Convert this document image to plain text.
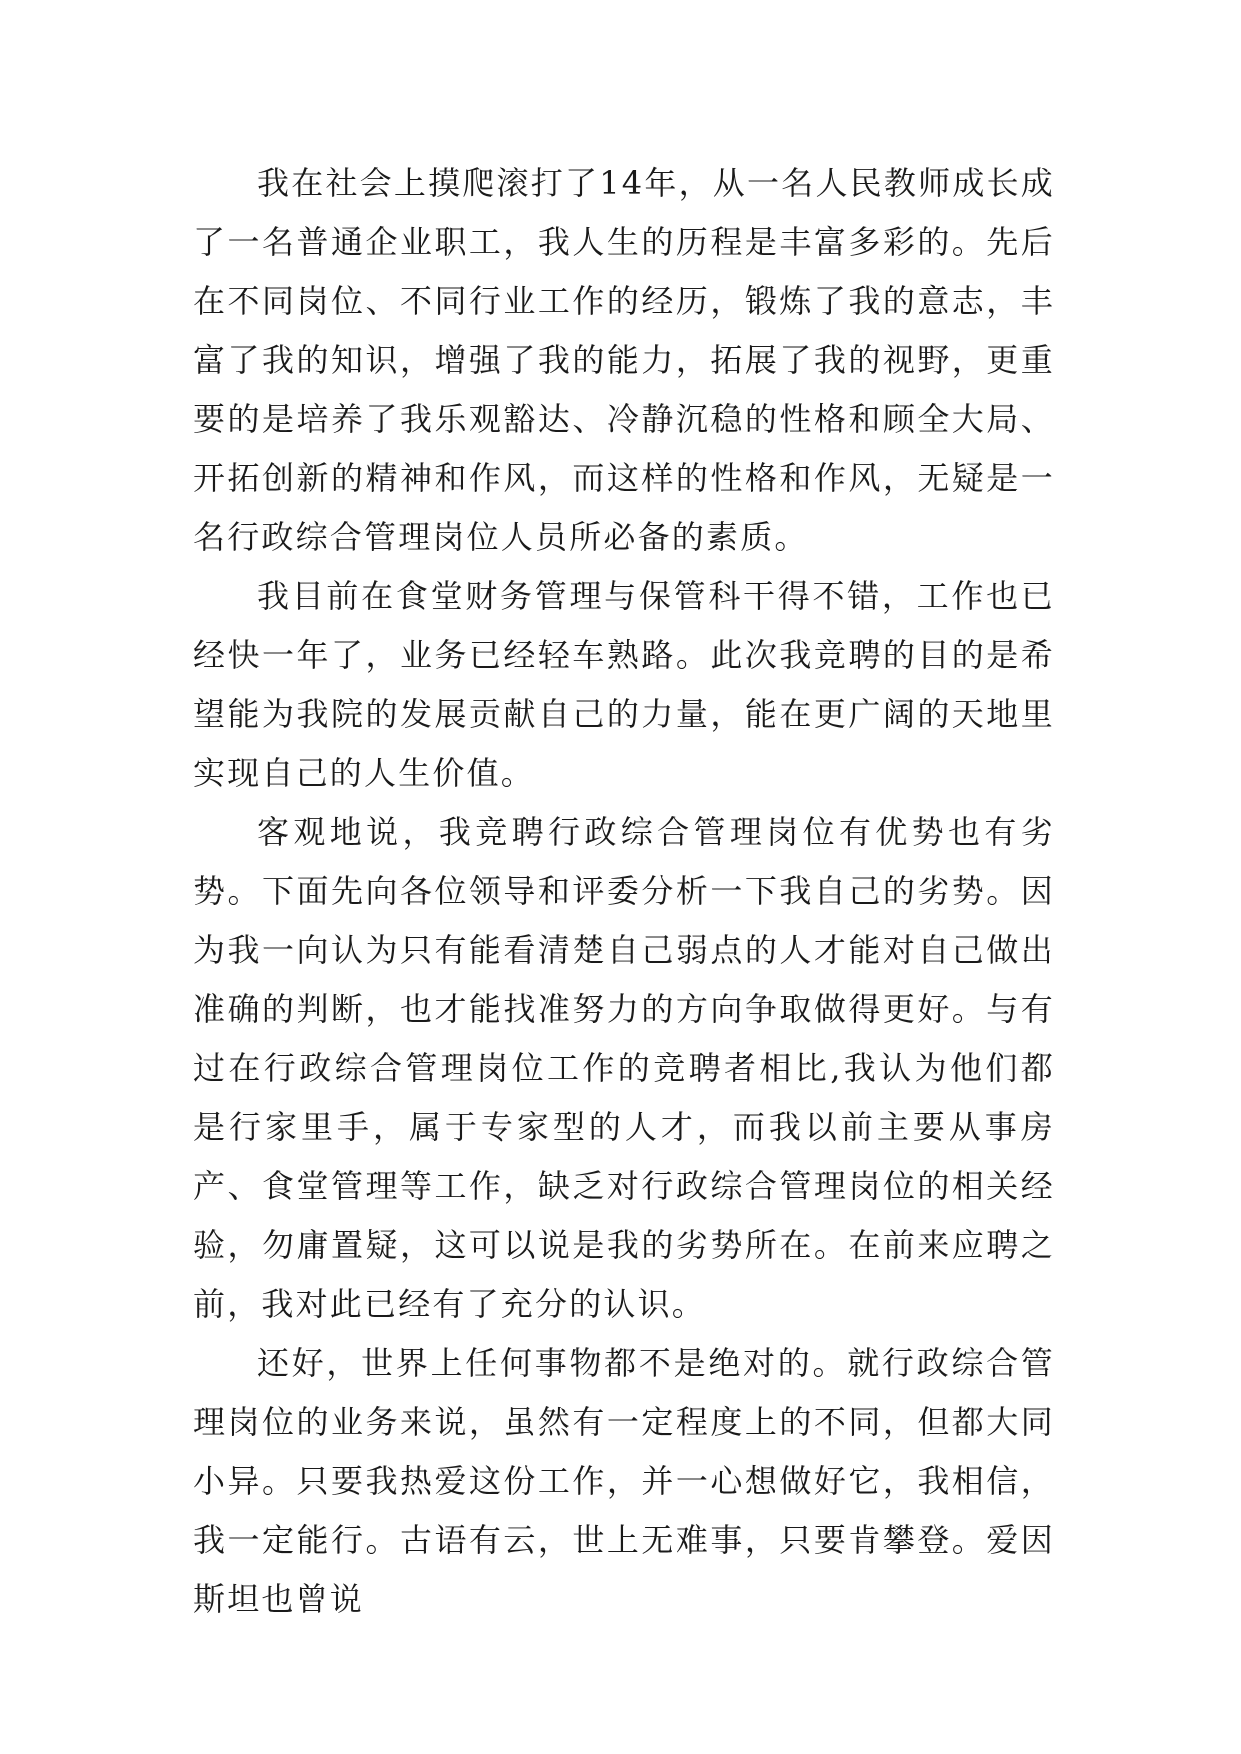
我在社会上摸爬滚打了14年，从一名人民教师成长成了一名普通企业职工，我人生的历程是丰富多彩的。先后在不同岗位、不同行业工作的经历，锻炼了我的意志，丰富了我的知识，增强了我的能力，拓展了我的视野，更重要的是培养了我乐观豁达、冷静沉稳的性格和顾全大局、开拓创新的精神和作风，而这样的性格和作风，无疑是一名行政综合管理岗位人员所必备的素质。

我目前在食堂财务管理与保管科干得不错，工作也已经快一年了，业务已经轻车熟路。此次我竞聘的目的是希望能为我院的发展贡献自己的力量，能在更广阔的天地里实现自己的人生价值。

客观地说，我竞聘行政综合管理岗位有优势也有劣势。下面先向各位领导和评委分析一下我自己的劣势。因为我一向认为只有能看清楚自己弱点的人才能对自己做出准确的判断，也才能找准努力的方向争取做得更好。与有过在行政综合管理岗位工作的竞聘者相比,我认为他们都是行家里手，属于专家型的人才，而我以前主要从事房产、食堂管理等工作，缺乏对行政综合管理岗位的相关经验，勿庸置疑，这可以说是我的劣势所在。在前来应聘之前，我对此已经有了充分的认识。

还好，世界上任何事物都不是绝对的。就行政综合管理岗位的业务来说，虽然有一定程度上的不同，但都大同小异。只要我热爱这份工作，并一心想做好它，我相信，我一定能行。古语有云，世上无难事，只要肯攀登。爱因斯坦也曾说
